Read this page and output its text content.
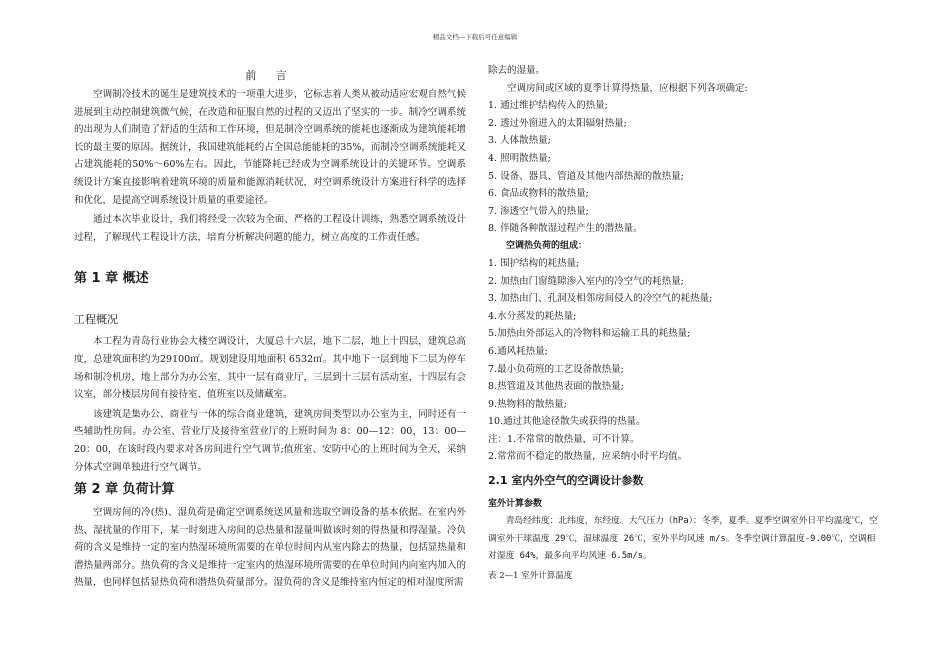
精品文档---下载后可任意编辑
前 言

空调制冷技术的诞生是建筑技术的一项重大进步，它标志着人类从被动适应宏观自然气候进展到主动控制建筑微气候，在改造和征服自然的过程的又迈出了坚实的一步。制冷空调系统的出现为人们制造了舒适的生活和工作环境，但是制冷空调系统的能耗也逐渐成为建筑能耗增长的最主要的原因。据统计，我国建筑能耗约占全国总能能耗的35%，而制冷空调系统能耗又占建筑能耗的50%～60%左右。因此，节能降耗已经成为空调系统设计的关键环节。空调系统设计方案直接影响着建筑环境的质量和能源消耗状况，对空调系统设计方案进行科学的选择和优化，是提高空调系统设计质量的重要途径。

通过本次毕业设计，我们将经受一次较为全面、严格的工程设计训练，熟悉空调系统设计过程，了解现代工程设计方法，培育分析解决问题的能力，树立高度的工作责任感。

第 1 章 概述
工程概况

本工程为青岛行业协会大楼空调设计，大厦总十六层，地下二层，地上十四层，建筑总高度，总建筑面积约为29100㎡。规划建设用地面积 6532㎡。其中地下一层到地下二层为停车场和制冷机房，地上部分为办公室，其中一层有商业厅，三层到十三层有活动室，十四层有会议室，部分楼层房间有接待室、值班室以及储藏室。

该建筑是集办公、商业与一体的综合商业建筑，建筑房间类型以办公室为主，同时还有一些辅助性房间。办公室、营业厅及接待室营业厅的上班时间为 8：00—12：00，13：00—20：00，在该时段内要求对各房间进行空气调节;值班室、安防中心的上班时间为全天，采纳分体式空调单独进行空气调节。

第 2 章 负荷计算

空调房间的冷(热)、湿负荷是确定空调系统送风量和选取空调设备的基本依据。在室内外热、湿扰量的作用下，某一时刻进入房间的总热量和湿量叫做该时刻的得热量和得湿量。冷负荷的含义是维持一定的室内热湿环境所需要的在单位时间内从室内除去的热量，包括显热量和潜热量两部分。热负荷的含义是维持一定室内的热湿环境所需要的在单位时间内向室内加入的热量，也同样包括显热负荷和潜热负荷量部分。湿负荷的含义是维持室内恒定的相对湿度所需

除去的湿量。

空调房间或区域的夏季计算得热量，应根据下列各项确定:

1. 通过维护结构传入的热量;
2. 透过外窗进入的太阳辐射热量;
3. 人体散热量;
4. 照明散热量;
5. 设备、器具、管道及其他内部热源的散热量;
6. 食品或物料的散热量;
7. 渗透空气带入的热量;
8. 伴随各种散湿过程产生的潜热量。
空调热负荷的组成：
1. 围护结构的耗热量;
2. 加热由门窗缝隙渗入室内的冷空气的耗热量;
3. 加热由门、孔洞及相邻房间侵入的冷空气的耗热量;
4.水分蒸发的耗热量;
5.加热由外部运入的冷物料和运输工具的耗热量;
6.通风耗热量;
7.最小负荷班的工艺设备散热量;
8.热管道及其他热表面的散热量;
9.热物料的散热量;
10.通过其他途径散失或获得的热量。
注：1.不常常的散热量，可不计算。
2.常常而不稳定的散热量，应采纳小时平均值。
2.1 室内外空气的空调设计参数
室外计算参数

青岛经纬度：北纬度，东经度。大气压力（hPa）：冬季，夏季。夏季空调室外日平均温度℃，空调室外干球温度 29℃，湿球温度 26℃，室外平均风速 m/s。冬季空调计算温度-9.00℃，空调相对湿度 64%，最多向平均风速 6.5m/s。

表 2—1 室外计算温度
